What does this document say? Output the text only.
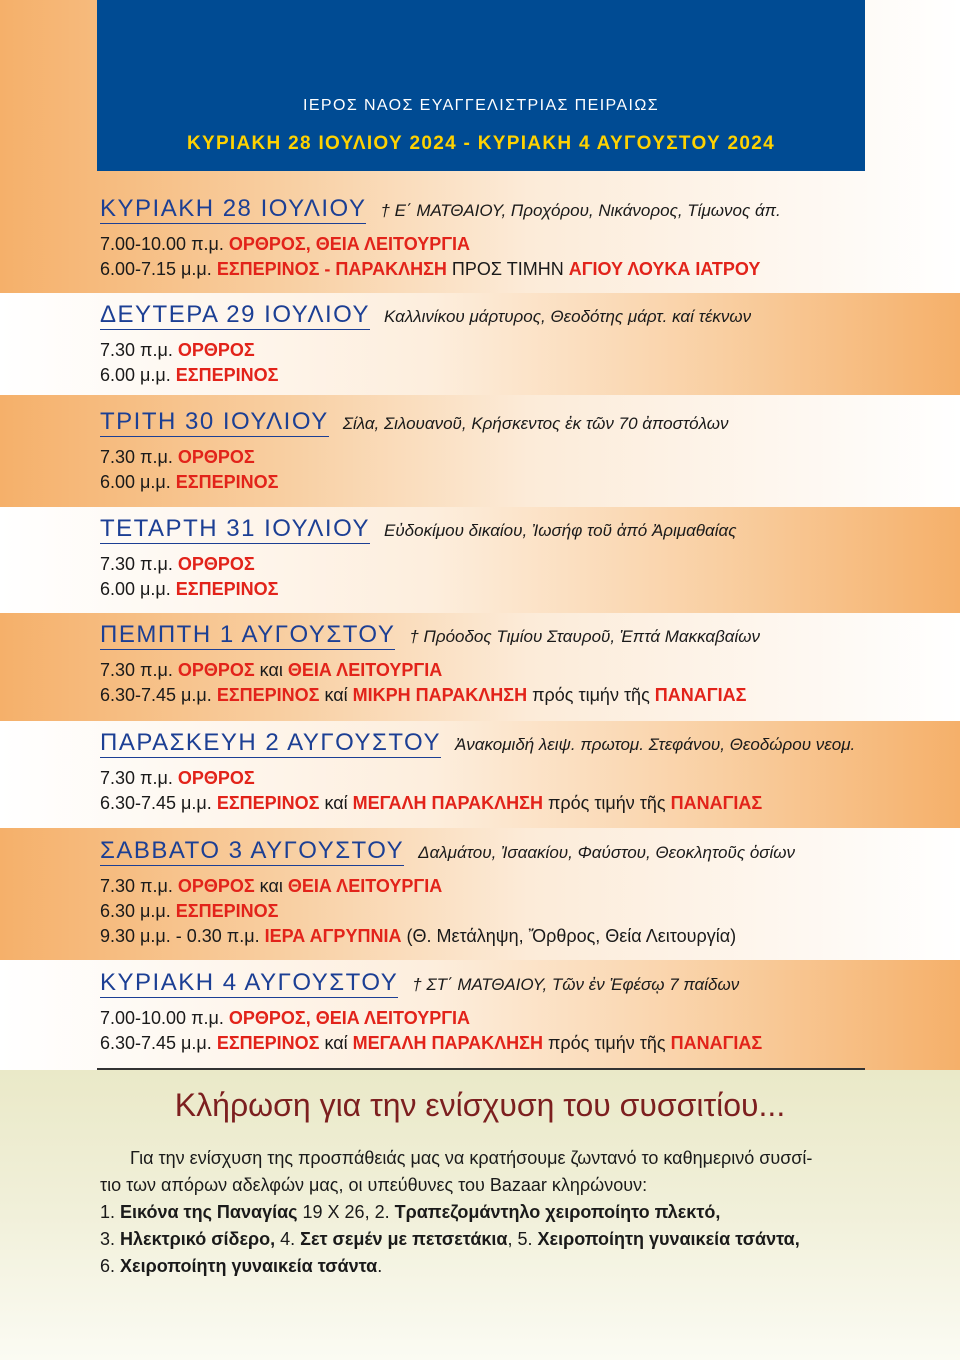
ΙΕΡΟΣ ΝΑΟΣ ΕΥΑΓΓΕΛΙΣΤΡΙΑΣ ΠΕΙΡΑΙΩΣ
ΚΥΡΙΑΚΗ 28 ΙΟΥΛΙΟΥ 2024 - ΚΥΡΙΑΚΗ 4 ΑΥΓΟΥΣΤΟΥ 2024
ΚΥΡΙΑΚΗ 28 ΙΟΥΛΙΟΥ † Ε΄ ΜΑΤΘΑΙΟΥ, Προχόρου, Νικάνορος, Τίμωνος άπ.
7.00-10.00 π.μ. ΟΡΘΡΟΣ, ΘΕΙΑ ΛΕΙΤΟΥΡΓΙΑ
6.00-7.15 μ.μ. ΕΣΠΕΡΙΝΟΣ - ΠΑΡΑΚΛΗΣΗ ΠΡΟΣ ΤΙΜΗΝ ΑΓΙΟΥ ΛΟΥΚΑ ΙΑΤΡΟΥ
ΔΕΥΤΕΡΑ 29 ΙΟΥΛΙΟΥ Καλλινίκου μάρτυρος, Θεοδότης μάρτ. καί τέκνων
7.30 π.μ. ΟΡΘΡΟΣ
6.00 μ.μ. ΕΣΠΕΡΙΝΟΣ
ΤΡΙΤΗ 30 ΙΟΥΛΙΟΥ Σίλα, Σιλουανοῦ, Κρήσκεντος ἐκ τῶν 70 ἀποστόλων
7.30 π.μ. ΟΡΘΡΟΣ
6.00 μ.μ. ΕΣΠΕΡΙΝΟΣ
ΤΕΤΑΡΤΗ 31 ΙΟΥΛΙΟΥ Εὐδοκίμου δικαίου, Ἰωσήφ τοῦ ἀπό Ἀριμαθαίας
7.30 π.μ. ΟΡΘΡΟΣ
6.00 μ.μ. ΕΣΠΕΡΙΝΟΣ
ΠΕΜΠΤΗ 1 ΑΥΓΟΥΣΤΟΥ † Πρόοδος Τιμίου Σταυροῦ, Ἑπτά Μακκαβαίων
7.30 π.μ. ΟΡΘΡΟΣ και ΘΕΙΑ ΛΕΙΤΟΥΡΓΙΑ
6.30-7.45 μ.μ. ΕΣΠΕΡΙΝΟΣ καί ΜΙΚΡΗ ΠΑΡΑΚΛΗΣΗ πρός τιμήν τῆς ΠΑΝΑΓΙΑΣ
ΠΑΡΑΣΚΕΥΗ 2 ΑΥΓΟΥΣΤΟΥ Ἀνακομιδή λειψ. πρωτομ. Στεφάνου, Θεοδώρου νεομ.
7.30 π.μ. ΟΡΘΡΟΣ
6.30-7.45 μ.μ. ΕΣΠΕΡΙΝΟΣ καί ΜΕΓΑΛΗ ΠΑΡΑΚΛΗΣΗ πρός τιμήν τῆς ΠΑΝΑΓΙΑΣ
ΣΑΒΒΑΤΟ 3 ΑΥΓΟΥΣΤΟΥ Δαλμάτου, Ἰσαακίου, Φαύστου, Θεοκλητοῦς ὁσίων
7.30 π.μ. ΟΡΘΡΟΣ και ΘΕΙΑ ΛΕΙΤΟΥΡΓΙΑ
6.30 μ.μ. ΕΣΠΕΡΙΝΟΣ
9.30 μ.μ. - 0.30 π.μ. ΙΕΡΑ ΑΓΡΥΠΝΙΑ (Θ. Μετάληψη, Ὄρθρος, Θεία Λειτουργία)
ΚΥΡΙΑΚΗ 4 ΑΥΓΟΥΣΤΟΥ † ΣΤ΄ ΜΑΤΘΑΙΟΥ, Τῶν ἐν Ἐφέσῳ 7 παίδων
7.00-10.00 π.μ. ΟΡΘΡΟΣ, ΘΕΙΑ ΛΕΙΤΟΥΡΓΙΑ
6.30-7.45 μ.μ. ΕΣΠΕΡΙΝΟΣ καί ΜΕΓΑΛΗ ΠΑΡΑΚΛΗΣΗ πρός τιμήν τῆς ΠΑΝΑΓΙΑΣ
Κλήρωση για την ενίσχυση του συσσιτίου...

Για την ενίσχυση της προσπάθειάς μας να κρατήσουμε ζωντανό το καθημερινό συσσί-

τιο των απόρων αδελφών μας, οι υπεύθυνες του Bazaar κληρώνουν:

1. Εικόνα της Παναγίας 19 Χ 26, 2. Τραπεζομάντηλο χειροποίητο πλεκτό,

3. Ηλεκτρικό σίδερο, 4. Σετ σεμέν με πετσετάκια, 5. Χειροποίητη γυναικεία τσάντα,

6. Χειροποίητη γυναικεία τσάντα.
